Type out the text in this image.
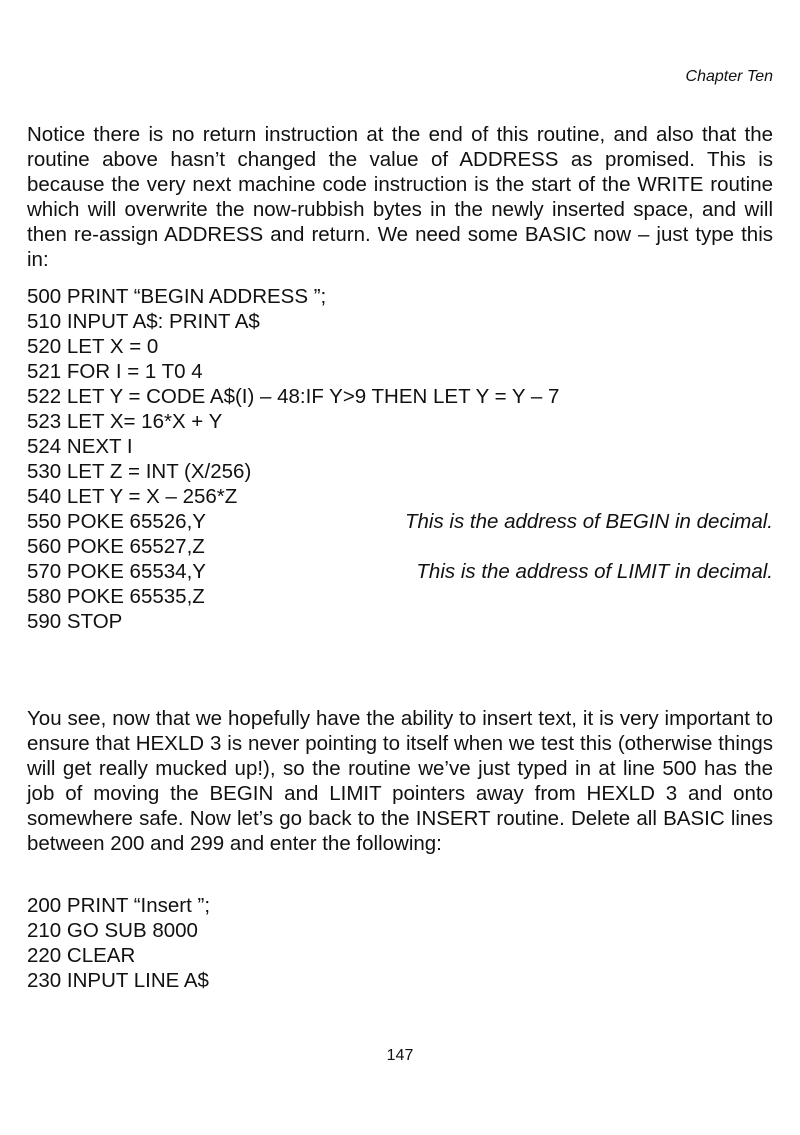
Chapter Ten

Notice there is no return instruction at the end of this routine, and also that the routine above hasn’t changed the value of ADDRESS as promised. This is because the very next machine code instruction is the start of the WRITE routine which will overwrite the now-rubbish bytes in the newly inserted space, and will then re-assign ADDRESS and return. We need some BASIC now – just type this in:

500 PRINT “BEGIN ADDRESS ”;
510 INPUT A$: PRINT A$
520 LET X = 0
521 FOR I = 1 T0 4
522 LET Y = CODE A$(I) – 48:IF Y>9 THEN LET Y = Y – 7
523 LET X= 16*X + Y
524 NEXT I
530 LET Z = INT (X/256)
540 LET Y = X – 256*Z
550 POKE 65526,Y	This is the address of BEGIN in decimal.
560 POKE 65527,Z
570 POKE 65534,Y	This is the address of LIMIT in decimal.
580 POKE 65535,Z
590 STOP

You see, now that we hopefully have the ability to insert text, it is very important to ensure that HEXLD 3 is never pointing to itself when we test this (otherwise things will get really mucked up!), so the routine we’ve just typed in at line 500 has the job of moving the BEGIN and LIMIT pointers away from HEXLD 3 and onto somewhere safe. Now let’s go back to the INSERT routine. Delete all BASIC lines between 200 and 299 and enter the following:

200 PRINT “Insert ”;
210 GO SUB 8000
220 CLEAR
230 INPUT LINE A$
147
